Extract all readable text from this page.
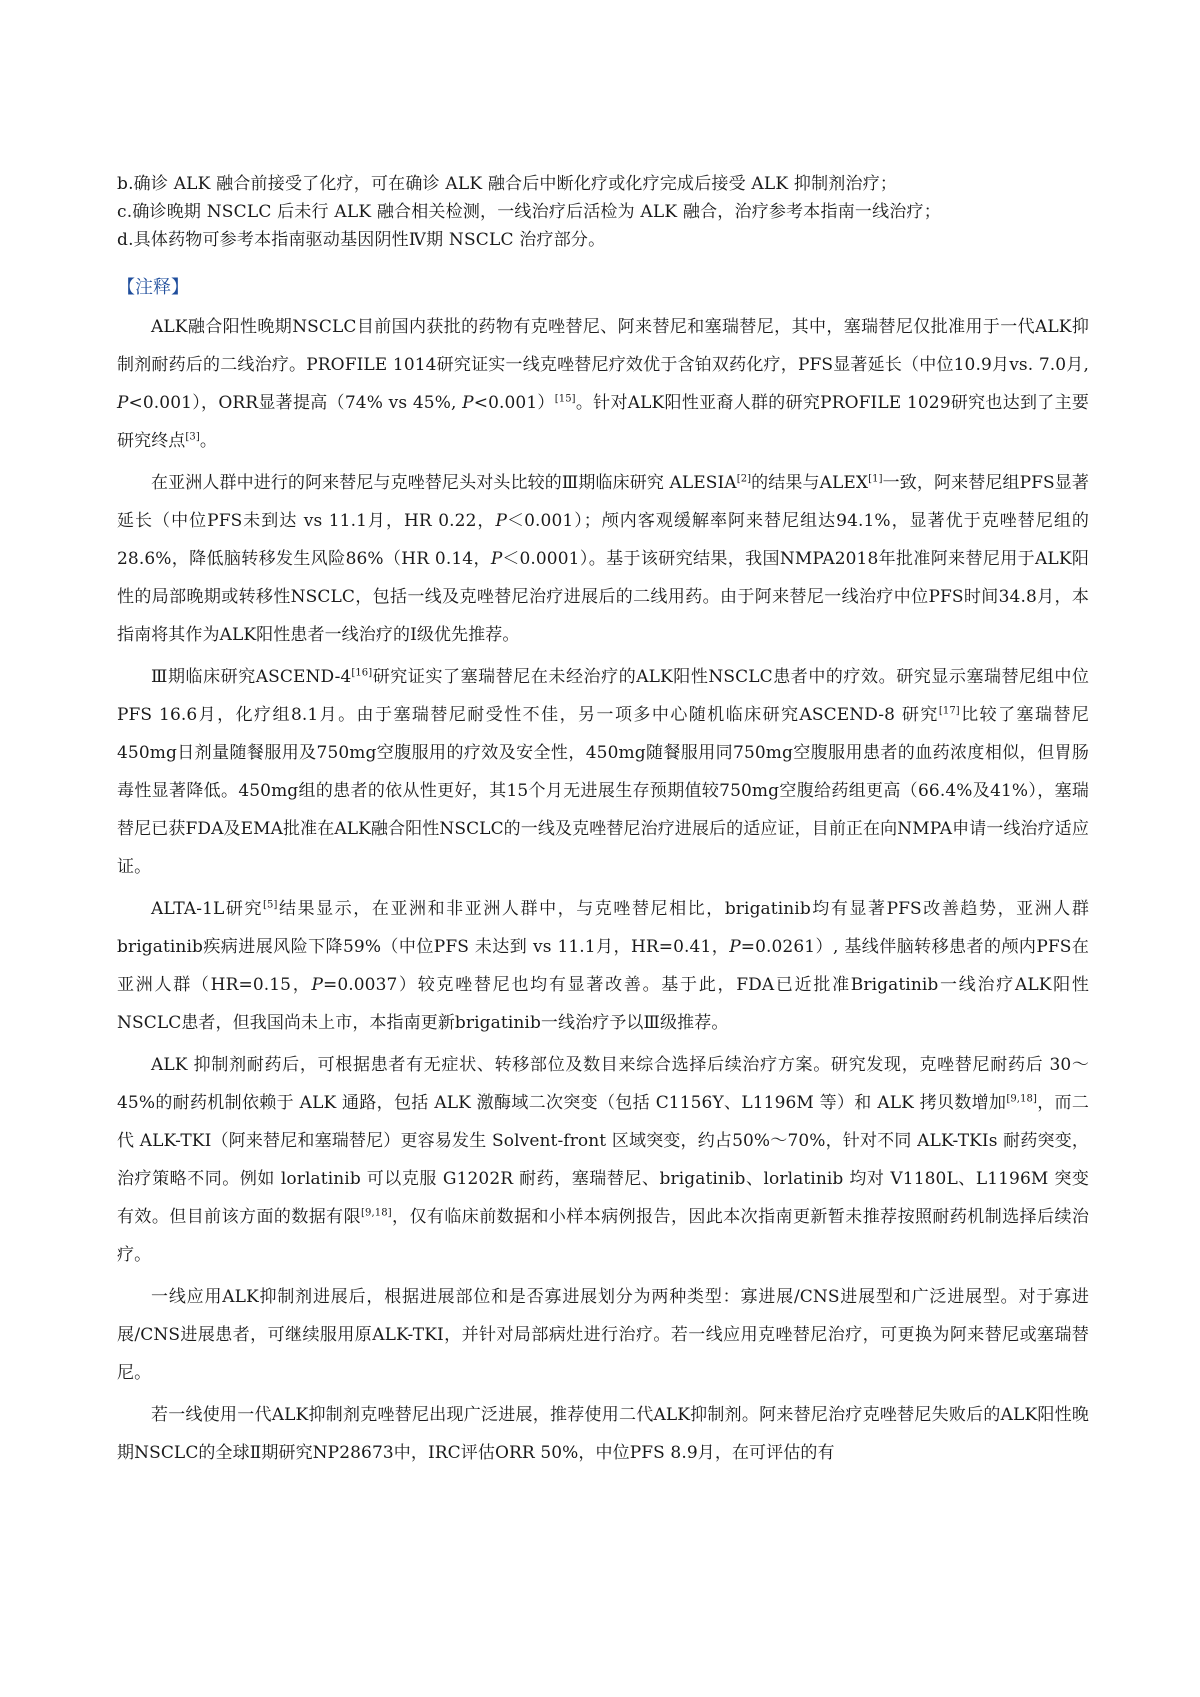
b.确诊 ALK 融合前接受了化疗，可在确诊 ALK 融合后中断化疗或化疗完成后接受 ALK 抑制剂治疗；

c.确诊晚期 NSCLC 后未行 ALK 融合相关检测，一线治疗后活检为 ALK 融合，治疗参考本指南一线治疗；

d.具体药物可参考本指南驱动基因阴性Ⅳ期 NSCLC 治疗部分。

【注释】

ALK融合阳性晚期NSCLC目前国内获批的药物有克唑替尼、阿来替尼和塞瑞替尼，其中，塞瑞替尼仅批准用于一代ALK抑制剂耐药后的二线治疗。PROFILE 1014研究证实一线克唑替尼疗效优于含铂双药化疗，PFS显著延长（中位10.9月vs. 7.0月, P<0.001），ORR显著提高（74% vs 45%, P<0.001）[15]。针对ALK阳性亚裔人群的研究PROFILE 1029研究也达到了主要研究终点[3]。

在亚洲人群中进行的阿来替尼与克唑替尼头对头比较的Ⅲ期临床研究 ALESIA[2]的结果与ALEX[1]一致，阿来替尼组PFS显著延长（中位PFS未到达 vs 11.1月，HR 0.22，P＜0.001）；颅内客观缓解率阿来替尼组达94.1%，显著优于克唑替尼组的28.6%，降低脑转移发生风险86%（HR 0.14，P＜0.0001）。基于该研究结果，我国NMPA2018年批准阿来替尼用于ALK阳性的局部晚期或转移性NSCLC，包括一线及克唑替尼治疗进展后的二线用药。由于阿来替尼一线治疗中位PFS时间34.8月，本指南将其作为ALK阳性患者一线治疗的Ⅰ级优先推荐。

Ⅲ期临床研究ASCEND-4[16]研究证实了塞瑞替尼在未经治疗的ALK阳性NSCLC患者中的疗效。研究显示塞瑞替尼组中位PFS 16.6月，化疗组8.1月。由于塞瑞替尼耐受性不佳，另一项多中心随机临床研究ASCEND-8 研究[17]比较了塞瑞替尼450mg日剂量随餐服用及750mg空腹服用的疗效及安全性，450mg随餐服用同750mg空腹服用患者的血药浓度相似，但胃肠毒性显著降低。450mg组的患者的依从性更好，其15个月无进展生存预期值较750mg空腹给药组更高（66.4%及41%），塞瑞替尼已获FDA及EMA批准在ALK融合阳性NSCLC的一线及克唑替尼治疗进展后的适应证，目前正在向NMPA申请一线治疗适应证。

ALTA-1L研究[5]结果显示，在亚洲和非亚洲人群中，与克唑替尼相比，brigatinib均有显著PFS改善趋势，亚洲人群brigatinib疾病进展风险下降59%（中位PFS 未达到 vs 11.1月，HR=0.41，P=0.0261）, 基线伴脑转移患者的颅内PFS在亚洲人群（HR=0.15，P=0.0037）较克唑替尼也均有显著改善。基于此，FDA已近批准Brigatinib一线治疗ALK阳性NSCLC患者，但我国尚未上市，本指南更新brigatinib一线治疗予以Ⅲ级推荐。

ALK 抑制剂耐药后，可根据患者有无症状、转移部位及数目来综合选择后续治疗方案。研究发现，克唑替尼耐药后 30～45%的耐药机制依赖于 ALK 通路，包括 ALK 激酶域二次突变（包括 C1156Y、L1196M 等）和 ALK 拷贝数增加[9,18]，而二代 ALK-TKI（阿来替尼和塞瑞替尼）更容易发生 Solvent-front 区域突变，约占50%～70%，针对不同 ALK-TKIs 耐药突变，治疗策略不同。例如 lorlatinib 可以克服 G1202R 耐药，塞瑞替尼、brigatinib、lorlatinib 均对 V1180L、L1196M 突变有效。但目前该方面的数据有限[9,18]，仅有临床前数据和小样本病例报告，因此本次指南更新暂未推荐按照耐药机制选择后续治疗。

一线应用ALK抑制剂进展后，根据进展部位和是否寡进展划分为两种类型：寡进展/CNS进展型和广泛进展型。对于寡进展/CNS进展患者，可继续服用原ALK-TKI，并针对局部病灶进行治疗。若一线应用克唑替尼治疗，可更换为阿来替尼或塞瑞替尼。

若一线使用一代ALK抑制剂克唑替尼出现广泛进展，推荐使用二代ALK抑制剂。阿来替尼治疗克唑替尼失败后的ALK阳性晚期NSCLC的全球Ⅱ期研究NP28673中，IRC评估ORR 50%，中位PFS 8.9月，在可评估的有
